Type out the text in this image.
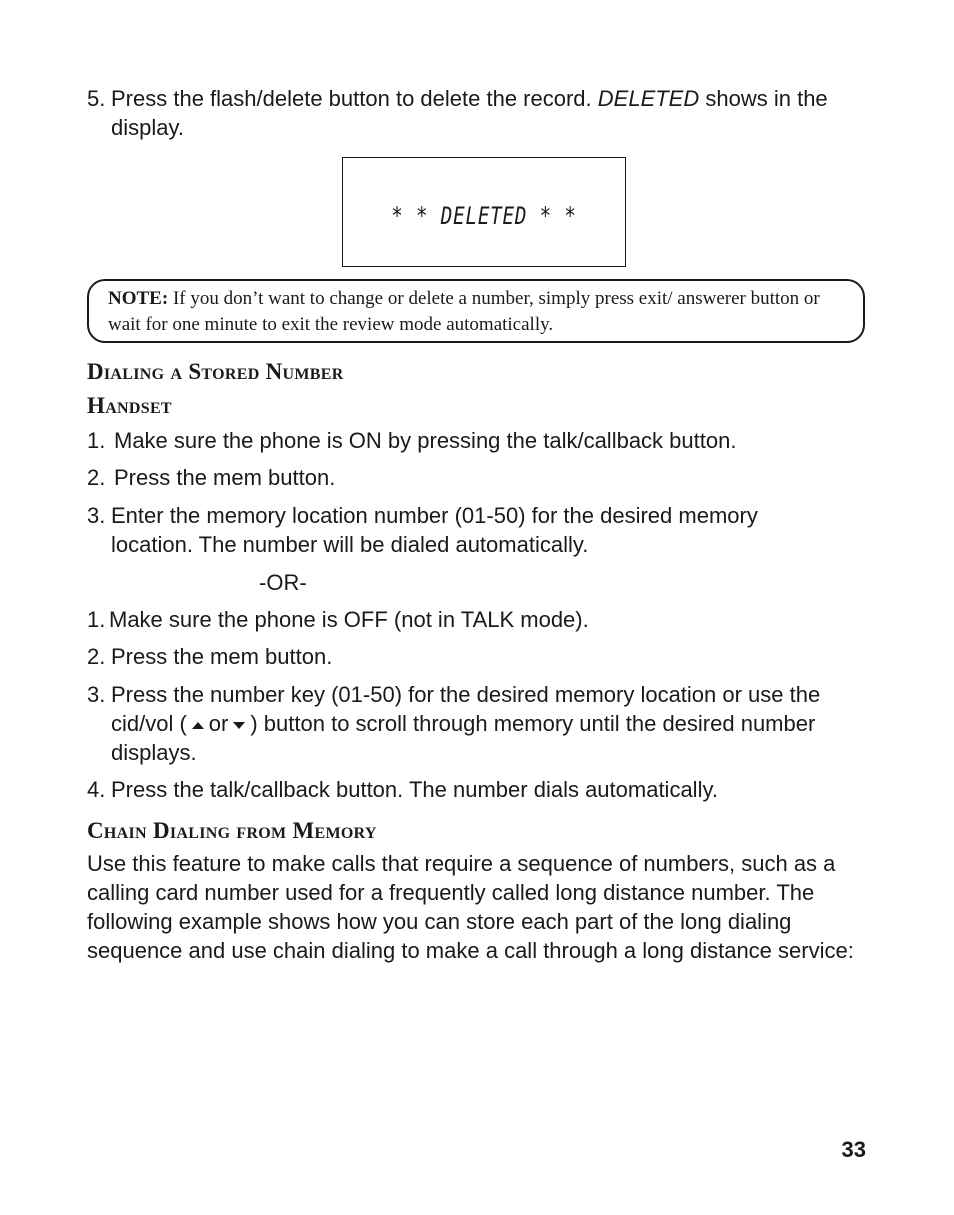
5. Press the flash/delete button to delete the record. DELETED shows in the display.
* * DELETED * *
NOTE: If you don’t want to change or delete a number, simply press exit/ answerer button or wait for one minute to exit the review mode automatically.
Dialing a Stored Number
Handset
1. Make sure the phone is ON by pressing the talk/callback button.
2. Press the mem button.
3. Enter the memory location number (01-50) for the desired memory location. The number will be dialed automatically.
-OR-
1. Make sure the phone is OFF (not in TALK mode).
2. Press the mem button.
3. Press the number key (01-50) for the desired memory location or use the cid/vol ( or ) button to scroll through memory until the desired number displays.
4. Press the talk/callback button. The number dials automatically.
Chain Dialing from Memory
Use this feature to make calls that require a sequence of numbers, such as a calling card number used for a frequently called long distance number. The following example shows how you can store each part of the long dialing sequence and use chain dialing to make a call through a long distance service:
33
